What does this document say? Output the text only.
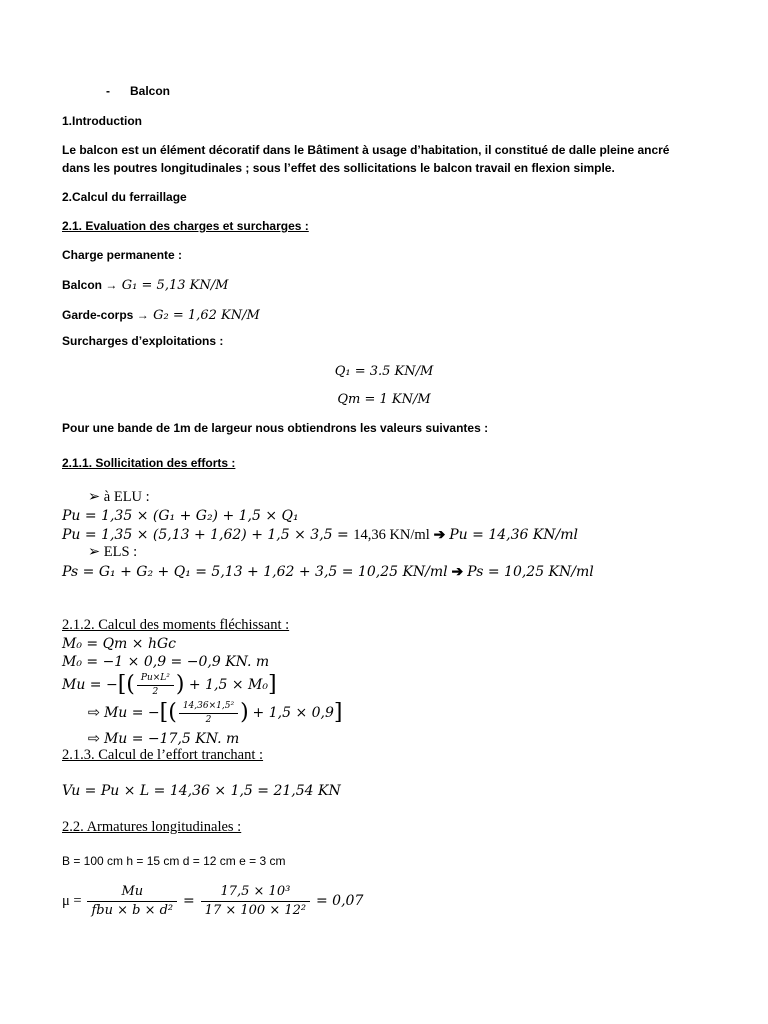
- Balcon
1.Introduction
Le balcon est un élément décoratif dans le Bâtiment à usage d’habitation, il constitué de dalle pleine ancré
dans les poutres longitudinales ; sous l’effet des sollicitations le balcon travail en flexion simple.
2.Calcul du ferraillage
2.1. Evaluation des charges et surcharges :
Charge permanente :
Balcon → G₁ = 5,13 KN/M
Garde-corps → G₂ = 1,62 KN/M
Surcharges d’exploitations :
Q₁ = 3.5 KN/M
Qm = 1 KN/M
Pour une bande de 1m de largeur nous obtiendrons les valeurs suivantes :
2.1.1. Sollicitation des efforts :
➢ à ELU :
Pu = 1,35 × (G₁ + G₂) + 1,5 × Q₁
Pu = 1,35 × (5,13 + 1,62) + 1,5 × 3,5 = 14,36 KN/ml ➔ Pu = 14,36 KN/ml
➢ ELS :
Ps = G₁ + G₂ + Q₁ = 5,13 + 1,62 + 3,5 = 10,25 KN/ml ➔ Ps = 10,25 KN/ml
2.1.2. Calcul des moments fléchissant :
M₀ = Qm × hGc
M₀ = −1 × 0,9 = −0,9 KN. m
Mu = −[( $\frac{\text{Pu×L²}}{2}$ ) + 1,5 × M₀]
⇨ Mu = −[( $\frac{\text{14,36×1,5²}}{2}$ ) + 1,5 × 0,9]
⇨ Mu = −17,5 KN. m
2.1.3. Calcul de l’effort tranchant :
Vu = Pu × L = 14,36 × 1,5 = 21,54 KN
2.2. Armatures longitudinales :
B = 100 cm h = 15 cm d = 12 cm e = 3 cm
$\mu = \frac{Mu}{\text{fbu × b × d²}} = \frac{\text{17,5 × 10³}}{\text{17 × 100 × 12²}} = 0,07$
